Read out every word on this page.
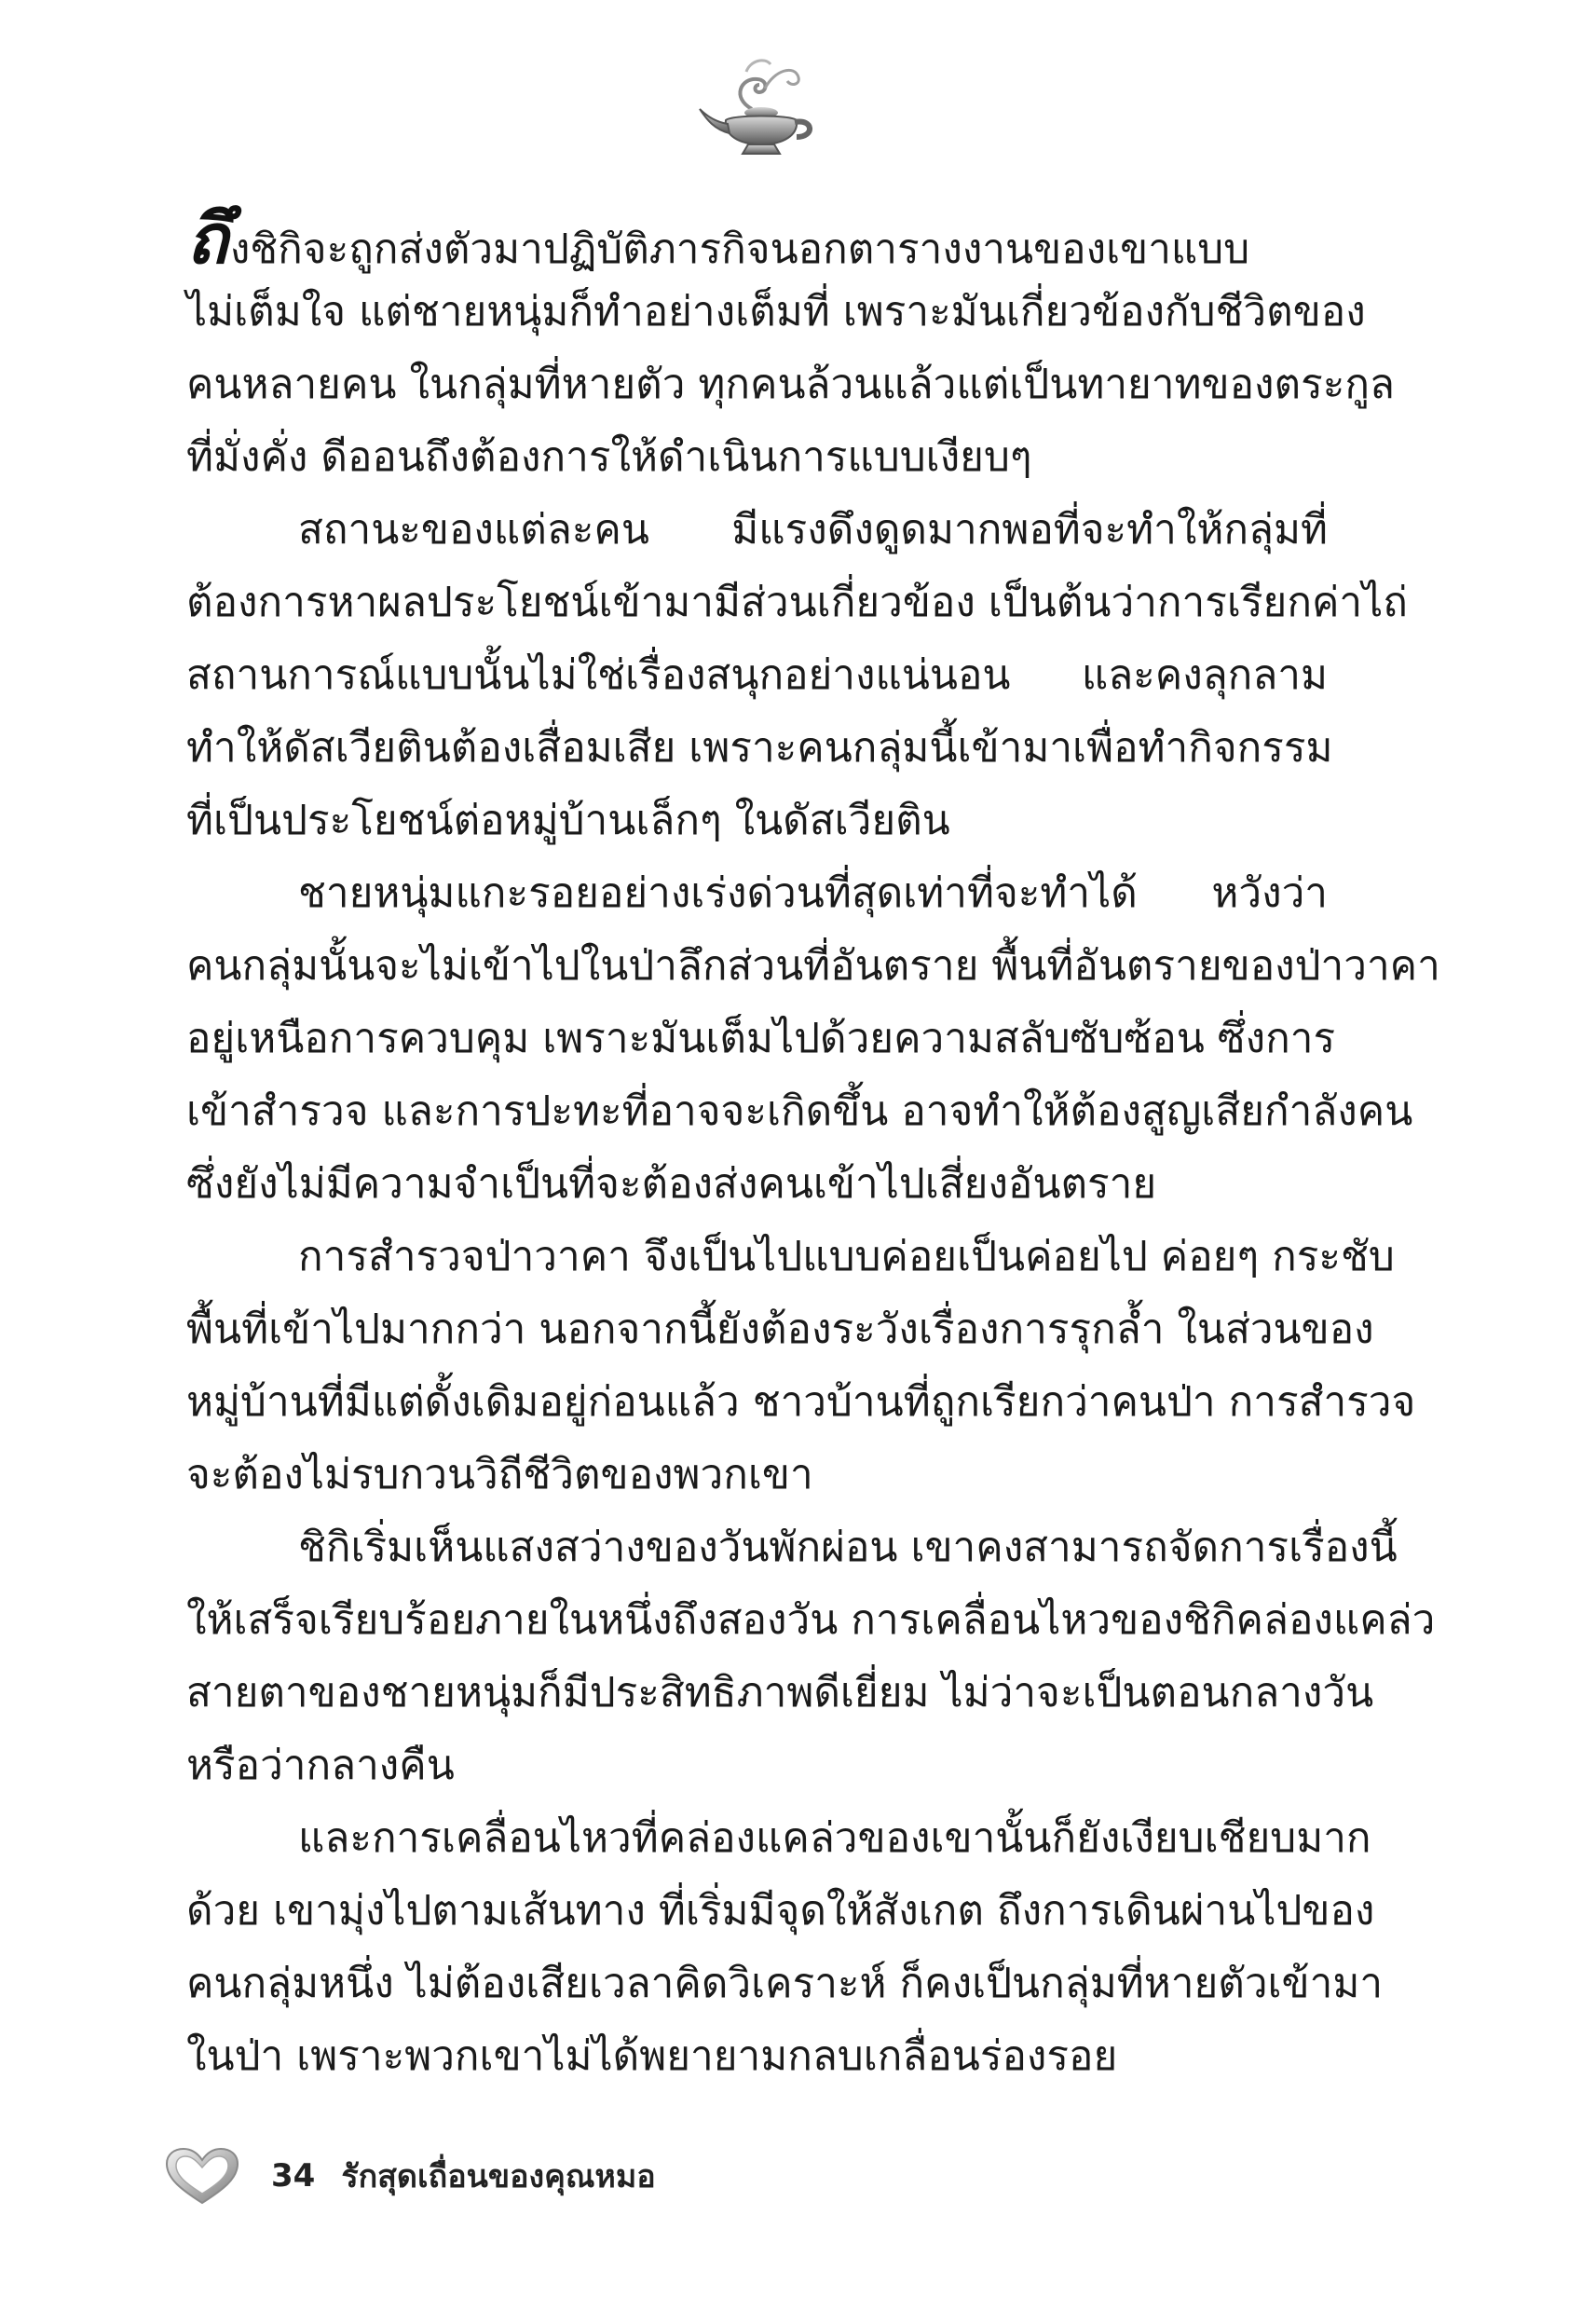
ถึงชิกิจะถูกส่งตัวมาปฏิบัติภารกิจนอกตารางงานของเขาแบบ
ไม่เต็มใจ แต่ชายหนุ่มก็ทำอย่างเต็มที่ เพราะมันเกี่ยวข้องกับชีวิตของ
คนหลายคน ในกลุ่มที่หายตัว ทุกคนล้วนแล้วแต่เป็นทายาทของตระกูล
ที่มั่งคั่ง ดีออนถึงต้องการให้ดำเนินการแบบเงียบๆ
สถานะของแต่ละคน มีแรงดึงดูดมากพอที่จะทำให้กลุ่มที่
ต้องการหาผลประโยชน์เข้ามามีส่วนเกี่ยวข้อง เป็นต้นว่าการเรียกค่าไถ่
สถานการณ์แบบนั้นไม่ใช่เรื่องสนุกอย่างแน่นอน และคงลุกลาม
ทำให้ดัสเวียตินต้องเสื่อมเสีย เพราะคนกลุ่มนี้เข้ามาเพื่อทำกิจกรรม
ที่เป็นประโยชน์ต่อหมู่บ้านเล็กๆ ในดัสเวียติน
ชายหนุ่มแกะรอยอย่างเร่งด่วนที่สุดเท่าที่จะทำได้ หวังว่า
คนกลุ่มนั้นจะไม่เข้าไปในป่าลึกส่วนที่อันตราย พื้นที่อันตรายของป่าวาคา
อยู่เหนือการควบคุม เพราะมันเต็มไปด้วยความสลับซับซ้อน ซึ่งการ
เข้าสำรวจ และการปะทะที่อาจจะเกิดขึ้น อาจทำให้ต้องสูญเสียกำลังคน
ซึ่งยังไม่มีความจำเป็นที่จะต้องส่งคนเข้าไปเสี่ยงอันตราย
การสำรวจป่าวาคา จึงเป็นไปแบบค่อยเป็นค่อยไป ค่อยๆ กระชับ
พื้นที่เข้าไปมากกว่า นอกจากนี้ยังต้องระวังเรื่องการรุกล้ำ ในส่วนของ
หมู่บ้านที่มีแต่ดั้งเดิมอยู่ก่อนแล้ว ชาวบ้านที่ถูกเรียกว่าคนป่า การสำรวจ
จะต้องไม่รบกวนวิถีชีวิตของพวกเขา
ชิกิเริ่มเห็นแสงสว่างของวันพักผ่อน เขาคงสามารถจัดการเรื่องนี้
ให้เสร็จเรียบร้อยภายในหนึ่งถึงสองวัน การเคลื่อนไหวของชิกิคล่องแคล่ว
สายตาของชายหนุ่มก็มีประสิทธิภาพดีเยี่ยม ไม่ว่าจะเป็นตอนกลางวัน
หรือว่ากลางคืน
และการเคลื่อนไหวที่คล่องแคล่วของเขานั้นก็ยังเงียบเชียบมาก
ด้วย เขามุ่งไปตามเส้นทาง ที่เริ่มมีจุดให้สังเกต ถึงการเดินผ่านไปของ
คนกลุ่มหนึ่ง ไม่ต้องเสียเวลาคิดวิเคราะห์ ก็คงเป็นกลุ่มที่หายตัวเข้ามา
ในป่า เพราะพวกเขาไม่ได้พยายามกลบเกลื่อนร่องรอย
34 รักสุดเถื่อนของคุณหมอ
